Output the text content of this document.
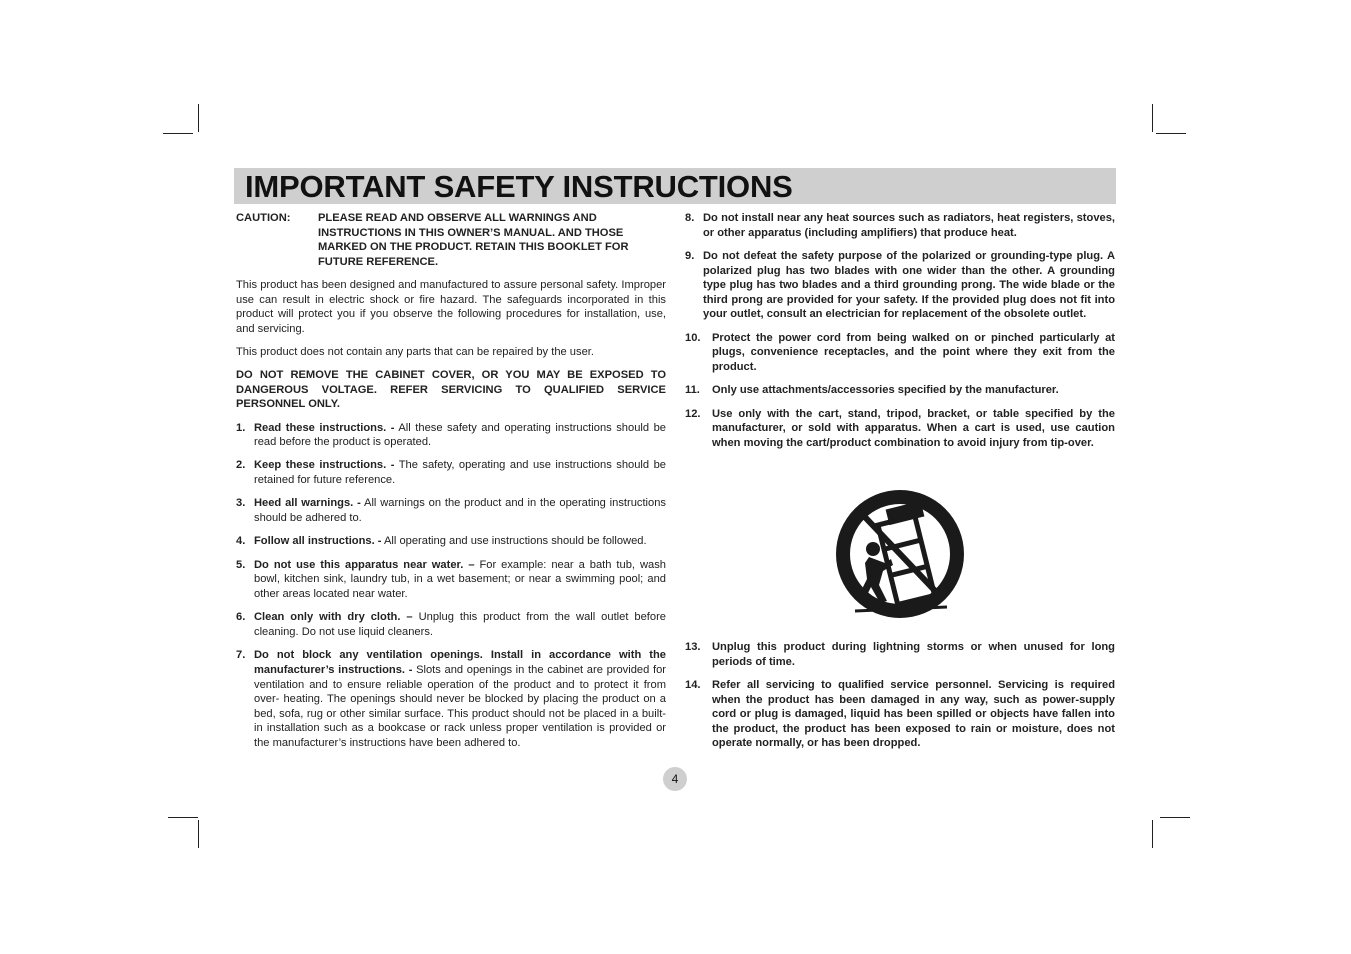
IMPORTANT SAFETY INSTRUCTIONS
CAUTION:	PLEASE READ AND OBSERVE ALL WARNINGS AND INSTRUCTIONS IN THIS OWNER’S MANUAL. AND THOSE MARKED ON THE PRODUCT. RETAIN THIS BOOKLET FOR FUTURE REFERENCE.

This product has been designed and manufactured to assure personal safety. Improper use can result in electric shock or fire hazard. The safeguards incorporated in this product will protect you if you observe the following procedures for installation, use, and servicing.

This product does not contain any parts that can be repaired by the user.

DO NOT REMOVE THE CABINET COVER, OR YOU MAY BE EXPOSED TO DANGEROUS VOLTAGE. REFER SERVICING TO QUALIFIED SERVICE PERSONNEL ONLY.

1. Read these instructions. - All these safety and operating instructions should be read before the product is operated.
2. Keep these instructions. - The safety, operating and use instructions should be retained for future reference.
3. Heed all warnings. - All warnings on the product and in the operating instructions should be adhered to.
4. Follow all instructions. - All operating and use instructions should be followed.
5. Do not use this apparatus near water. – For example: near a bath tub, wash bowl, kitchen sink, laundry tub, in a wet basement; or near a swimming pool; and other areas located near water.
6. Clean only with dry cloth. – Unplug this product from the wall outlet before cleaning. Do not use liquid cleaners.
7. Do not block any ventilation openings. Install in accordance with the manufacturer’s instructions. - Slots and openings in the cabinet are provided for ventilation and to ensure reliable operation of the product and to protect it from over- heating. The openings should never be blocked by placing the product on a bed, sofa, rug or other similar surface. This product should not be placed in a built-in installation such as a bookcase or rack unless proper ventilation is provided or the manufacturer’s instructions have been adhered to.
8. Do not install near any heat sources such as radiators, heat registers, stoves, or other apparatus (including amplifiers) that produce heat.
9. Do not defeat the safety purpose of the polarized or grounding-type plug. A polarized plug has two blades with one wider than the other. A grounding type plug has two blades and a third grounding prong. The wide blade or the third prong are provided for your safety. If the provided plug does not fit into your outlet, consult an electrician for replacement of the obsolete outlet.
10.	Protect the power cord from being walked on or pinched particularly at plugs, convenience receptacles, and the point where they exit from the product.
11.	Only use attachments/accessories specified by the manufacturer.
12.	Use only with the cart, stand, tripod, bracket, or table specified by the manufacturer, or sold with apparatus. When a cart is used, use caution when moving the cart/product combination to avoid injury from tip-over.
13.	Unplug this product during lightning storms or when unused for long periods of time.
14.	Refer all servicing to qualified service personnel. Servicing is required when the product has been damaged in any way, such as power-supply cord or plug is damaged, liquid has been spilled or objects have fallen into the product, the product has been exposed to rain or moisture, does not operate normally, or has been dropped.
4
